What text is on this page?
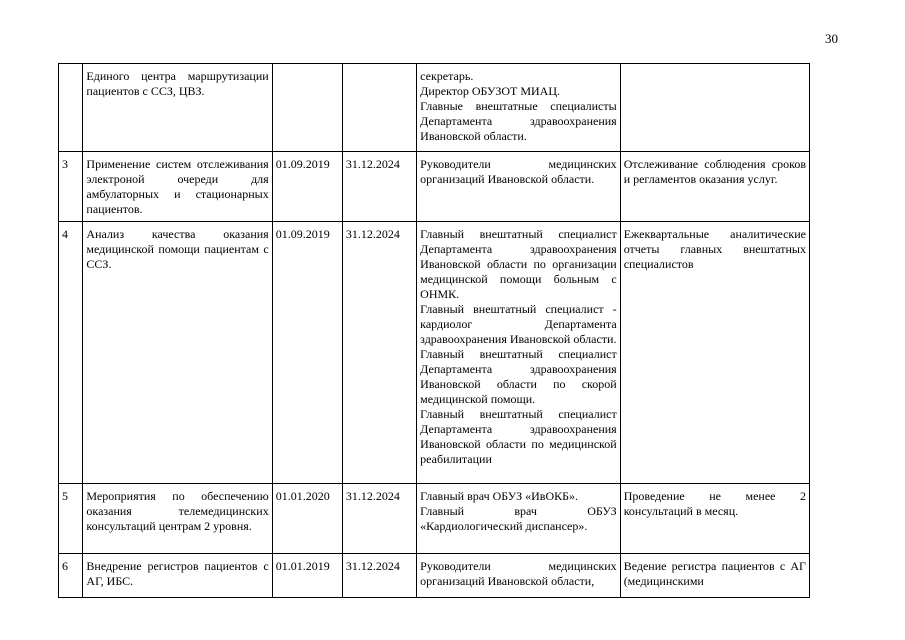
30
	Единого центра маршрутизации пациентов с ССЗ, ЦВЗ.			секретарь.
Директор ОБУЗОТ МИАЦ.
Главные внештатные специалисты Департамента здравоохранения Ивановской области.	

3	Применение систем отслеживания электроной очереди для амбулаторных и стационарных пациентов.	01.09.2019	31.12.2024	Руководители медицинских организаций Ивановской области.	Отслеживание соблюдения сроков и регламентов оказания услуг.
4	Анализ качества оказания медицинской помощи пациентам с ССЗ.	01.09.2019	31.12.2024	Главный внештатный специалист Департамента здравоохранения Ивановской области по организации медицинской помощи больным с ОНМК.
Главный внештатный специалист - кардиолог Департамента здравоохранения Ивановской области.
Главный внештатный специалист Департамента здравоохранения Ивановской области по скорой медицинской помощи.
Главный внештатный специалист Департамента здравоохранения Ивановской области по медицинской реабилитации	Ежеквартальные аналитические отчеты главных внештатных специалистов
5	Мероприятия по обеспечению оказания телемедицинских консультаций центрам 2 уровня.	01.01.2020	31.12.2024	Главный врач ОБУЗ «ИвОКБ».
Главный врач ОБУЗ «Кардиологический диспансер».	Проведение не менее 2 консультаций в месяц.
6	Внедрение регистров пациентов с АГ, ИБС.	01.01.2019	31.12.2024	Руководители медицинских организаций Ивановской области,	Ведение регистра пациентов с АГ (медицинскими
